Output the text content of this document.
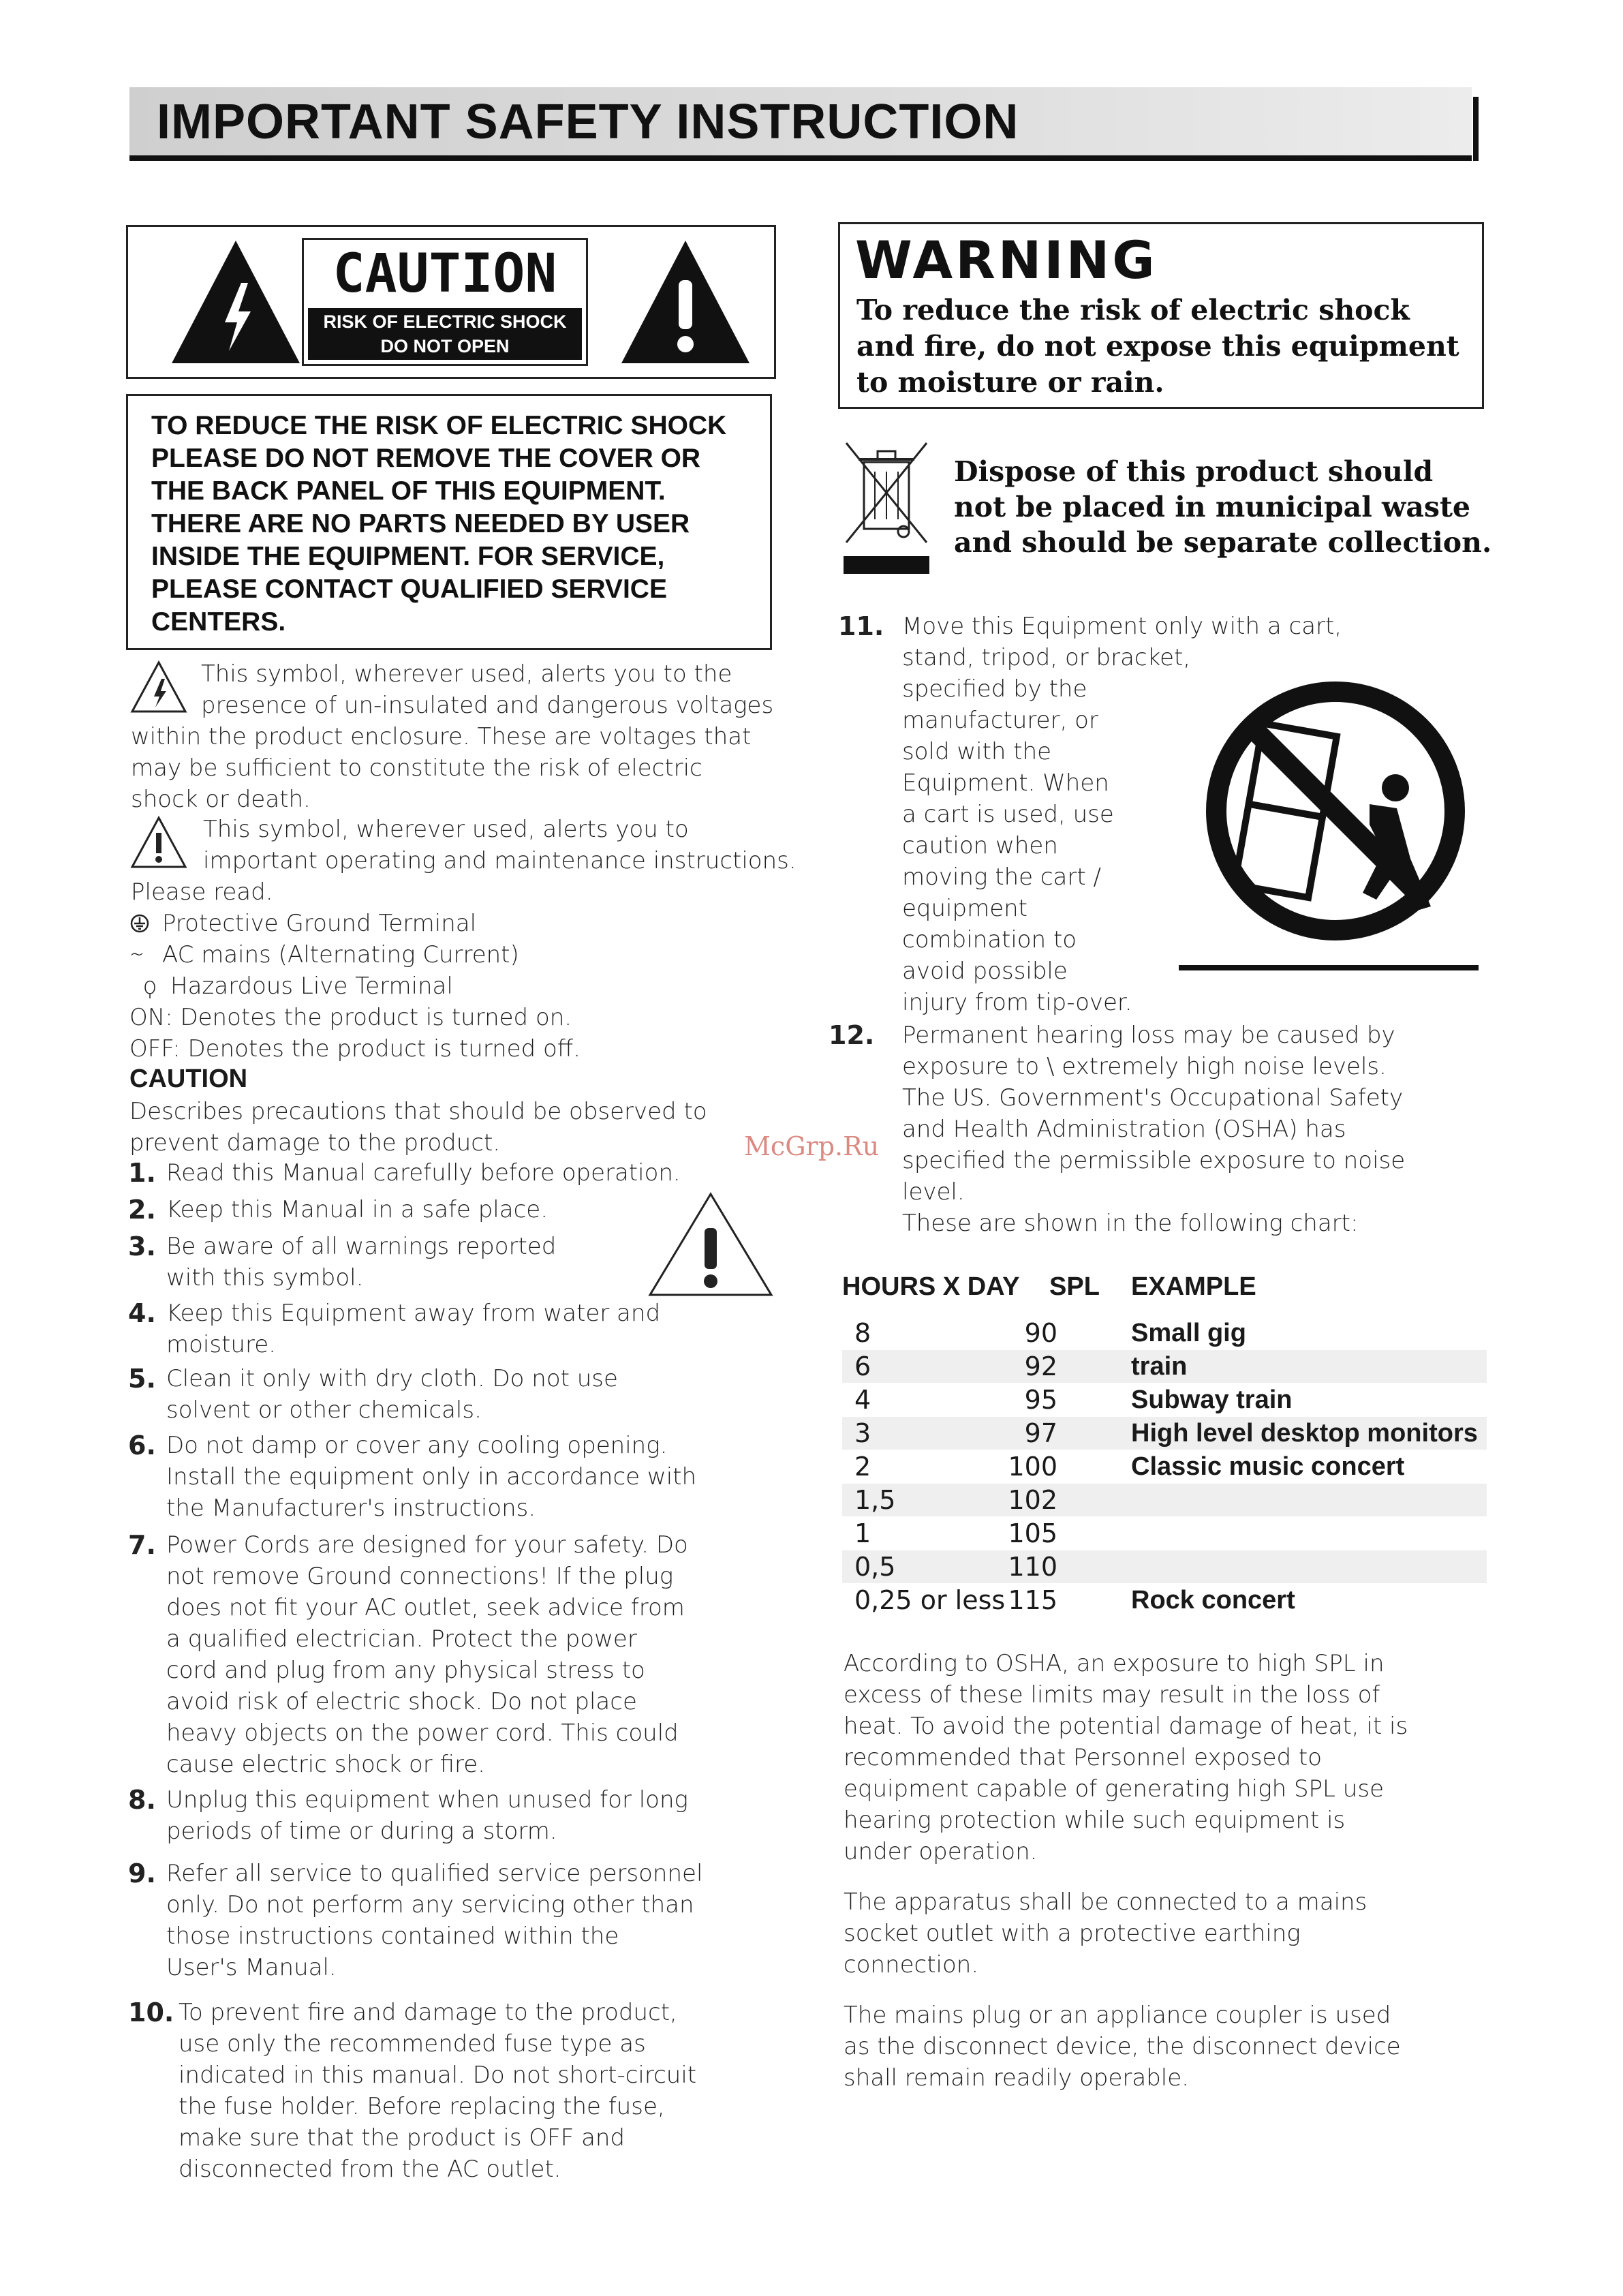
IMPORTANT SAFETY INSTRUCTION
CAUTION
RISK OF ELECTRIC SHOCK
DO NOT OPEN
TO REDUCE THE RISK OF ELECTRIC SHOCK
PLEASE DO NOT REMOVE THE COVER OR
THE BACK PANEL OF THIS EQUIPMENT.
THERE ARE NO PARTS NEEDED BY USER
INSIDE THE EQUIPMENT. FOR SERVICE,
PLEASE CONTACT QUALIFIED SERVICE
CENTERS.
This symbol, wherever used, alerts you to the
presence of un-insulated and dangerous voltages
within the product enclosure. These are voltages that
may be sufficient to constitute the risk of electric
shock or death.
This symbol, wherever used, alerts you to
important operating and maintenance instructions.
Please read.
Protective Ground Terminal
∼ AC mains (Alternating Current)
ϙ Hazardous Live Terminal
ON: Denotes the product is turned on.
OFF: Denotes the product is turned off.
CAUTION
Describes precautions that should be observed to
prevent damage to the product.
1. Read this Manual carefully before operation.
2. Keep this Manual in a safe place.
3. Be aware of all warnings reported
with this symbol.
4. Keep this Equipment away from water and
moisture.
5. Clean it only with dry cloth. Do not use
solvent or other chemicals.
6. Do not damp or cover any cooling opening.
Install the equipment only in accordance with
the Manufacturer's instructions.
7. Power Cords are designed for your safety. Do
not remove Ground connections! If the plug
does not fit your AC outlet, seek advice from
a qualified electrician. Protect the power
cord and plug from any physical stress to
avoid risk of electric shock. Do not place
heavy objects on the power cord. This could
cause electric shock or fire.
8. Unplug this equipment when unused for long
periods of time or during a storm.
9. Refer all service to qualified service personnel
only. Do not perform any servicing other than
those instructions contained within the
User's Manual.
10. To prevent fire and damage to the product,
use only the recommended fuse type as
indicated in this manual. Do not short-circuit
the fuse holder. Before replacing the fuse,
make sure that the product is OFF and
disconnected from the AC outlet.
McGrp.Ru
WARNING
To reduce the risk of electric shock
and fire, do not expose this equipment
to moisture or rain.
Dispose of this product should
not be placed in municipal waste
and should be separate collection.
11. Move this Equipment only with a cart,
stand, tripod, or bracket,
specified by the
manufacturer, or
sold with the
Equipment. When
a cart is used, use
caution when
moving the cart /
equipment
combination to
avoid possible
injury from tip-over.
12. Permanent hearing loss may be caused by
exposure to \ extremely high noise levels.
The US. Government's Occupational Safety
and Health Administration (OSHA) has
specified the permissible exposure to noise
level.
These are shown in the following chart:
HOURS X DAY SPL EXAMPLE
8	90	Small gig
6	92	train
4	95	Subway train
3	97	High level desktop monitors
2	100	Classic music concert
1,5	102
1	105
0,5	110
0,25 or less 115	Rock concert
According to OSHA, an exposure to high SPL in
excess of these limits may result in the loss of
heat. To avoid the potential damage of heat, it is
recommended that Personnel exposed to
equipment capable of generating high SPL use
hearing protection while such equipment is
under operation.
The apparatus shall be connected to a mains
socket outlet with a protective earthing
connection.
The mains plug or an appliance coupler is used
as the disconnect device, the disconnect device
shall remain readily operable.
